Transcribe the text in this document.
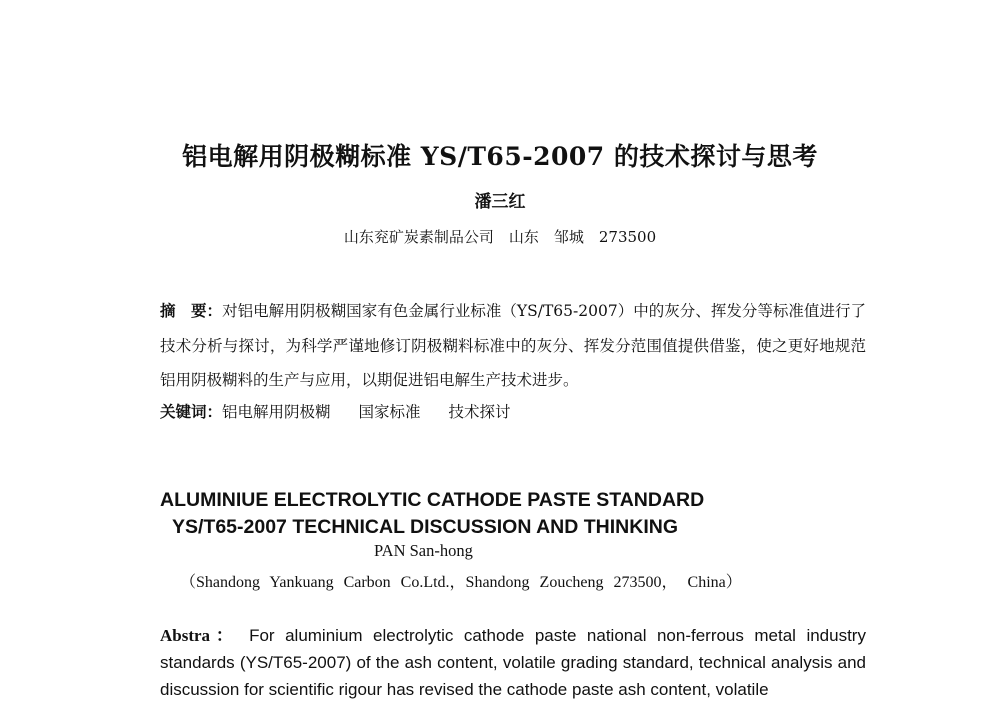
铝电解用阴极糊标准 YS/T65-2007 的技术探讨与思考
潘三红
山东兖矿炭素制品公司　山东　邹城　273500
摘　要：对铝电解用阴极糊国家有色金属行业标准（YS/T65-2007）中的灰分、挥发分等标准值进行了技术分析与探讨，为科学严谨地修订阴极糊料标准中的灰分、挥发分范围值提供借鉴，使之更好地规范铝用阴极糊料的生产与应用，以期促进铝电解生产技术进步。
关键词：铝电解用阴极糊 国家标准 技术探讨
ALUMINIUE ELECTROLYTIC CATHODE PASTE STANDARD
YS/T65-2007 TECHNICAL DISCUSSION AND THINKING
PAN San-hong
（Shandong Yankuang Carbon Co.Ltd.，Shandong Zoucheng 273500， China）
Abstra： For aluminium electrolytic cathode paste national non-ferrous metal industry standards (YS/T65-2007) of the ash content, volatile grading standard, technical analysis and discussion for scientific rigour has revised the cathode paste ash content, volatile
